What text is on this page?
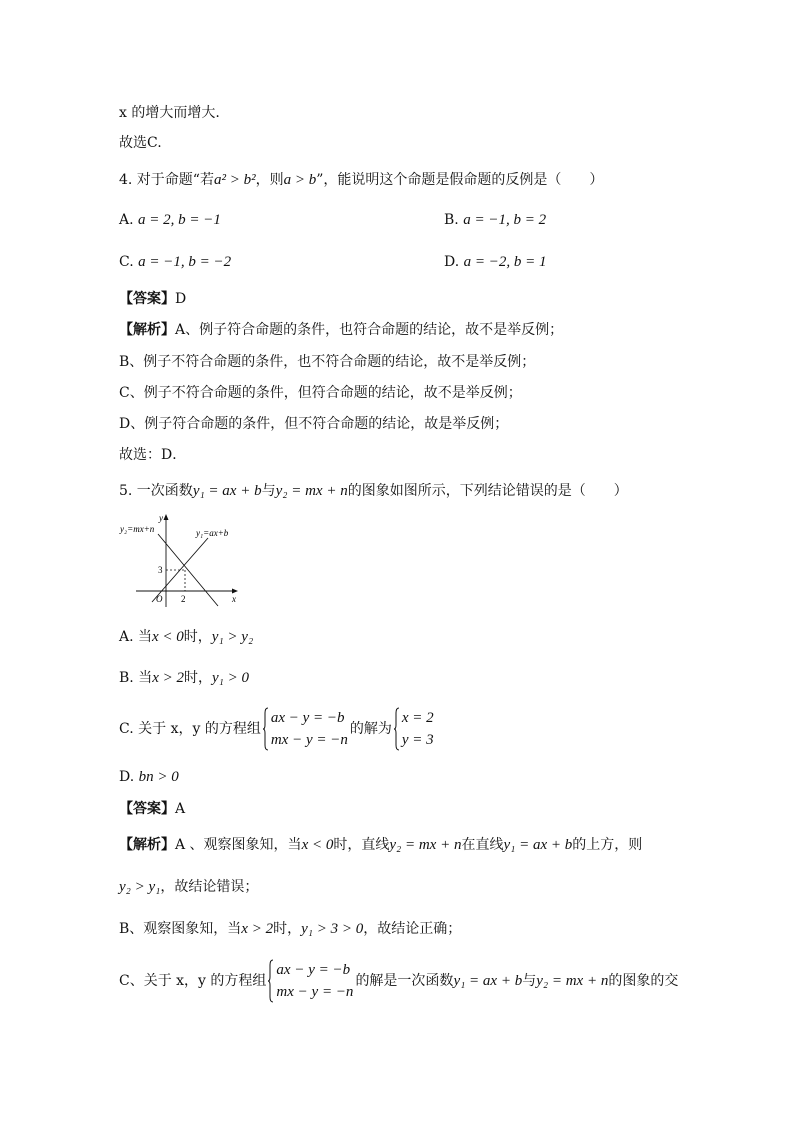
x 的增大而增大.
故选C.
4. 对于命题“若a² > b²，则a > b”，能说明这个命题是假命题的反例是（　　）
A. a = 2, b = −1	B. a = −1, b = 2
C. a = −1, b = −2	D. a = −2, b = 1
【答案】D
【解析】A、例子符合命题的条件，也符合命题的结论，故不是举反例；
B、例子不符合命题的条件，也不符合命题的结论，故不是举反例；
C、例子不符合命题的条件，但符合命题的结论，故不是举反例；
D、例子符合命题的条件，但不符合命题的结论，故是举反例；
故选：D．
5. 一次函数y₁ = ax + b与y₂ = mx + n的图象如图所示，下列结论错误的是（　　）
y₂=mx+n	y₁=ax+b
y
x
O 2
3
A. 当x < 0时，y₁ > y₂
B. 当x > 2时，y₁ > 0
C. 关于 x，y 的方程组
ax − y = −b
mx − y = −n
的解为
x = 2
y = 3
D. bn > 0
【答案】A
【解析】A 、观察图象知，当x < 0时，直线y₂ = mx + n在直线y₁ = ax + b的上方，则
y₂ > y₁，故结论错误；
B、观察图象知，当x > 2时，y₁ > 3 > 0，故结论正确；
C、关于 x，y 的方程组
ax − y = −b
mx − y = −n
的解是一次函数y₁ = ax + b与y₂ = mx + n的图象的交
